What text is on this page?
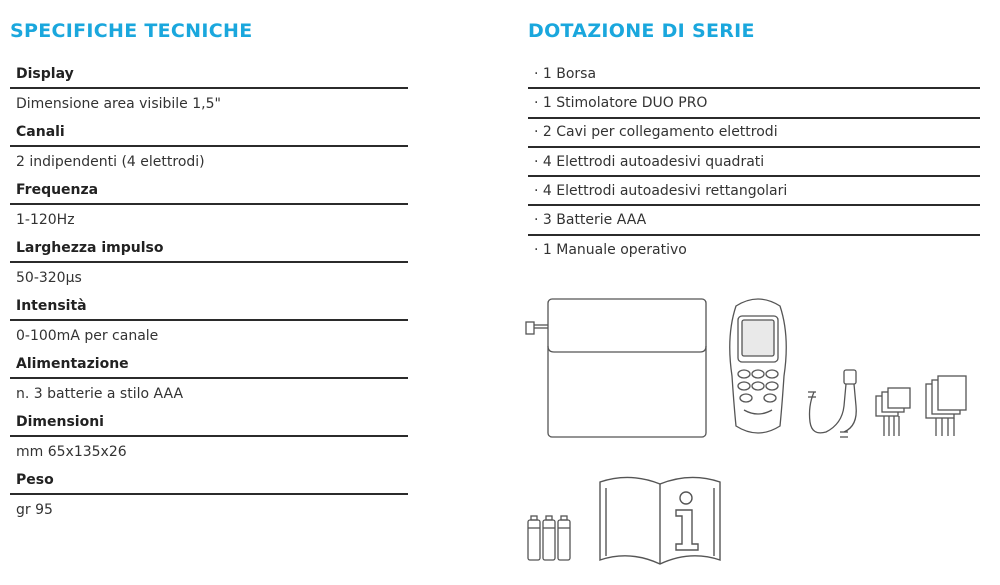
SPECIFICHE TECNICHE	DOTAZIONE DI SERIE
Display
Dimensione area visibile 1,5"
Canali
2 indipendenti (4 elettrodi)
Frequenza
1-120Hz
Larghezza impulso
50-320µs
Intensità
0-100mA per canale
Alimentazione
n. 3 batterie a stilo AAA
Dimensioni
mm 65x135x26
Peso
gr 95
· 1 Borsa
· 1 Stimolatore DUO PRO
· 2 Cavi per collegamento elettrodi
· 4 Elettrodi autoadesivi quadrati
· 4 Elettrodi autoadesivi rettangolari
· 3 Batterie AAA
· 1 Manuale operativo
